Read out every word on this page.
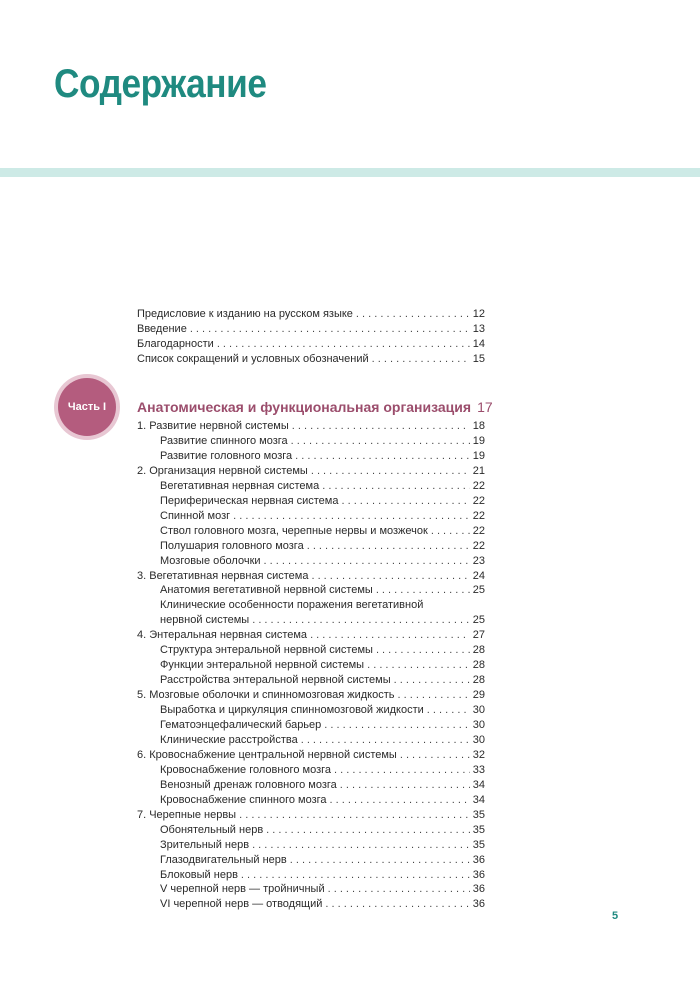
Содержание
Предисловие к изданию на русском языке . . .	12
Введение . . .	13
Благодарности . . .	14
Список сокращений и условных обозначений . . .	15
Анатомическая и функциональная организация 17
1. Развитие нервной системы . . .	18
Развитие спинного мозга . . .	19
Развитие головного мозга . . .	19
2. Организация нервной системы . . .	21
Вегетативная нервная система . . .	22
Периферическая нервная система . . .	22
Спинной мозг . . .	22
Ствол головного мозга, черепные нервы и мозжечок . . .	22
Полушария головного мозга . . .	22
Мозговые оболочки . . .	23
3. Вегетативная нервная система . . .	24
Анатомия вегетативной нервной системы . . .	25
Клинические особенности поражения вегетативной
нервной системы . . .	25
4. Энтеральная нервная система . . .	27
Структура энтеральной нервной системы . . .	28
Функции энтеральной нервной системы . . .	28
Расстройства энтеральной нервной системы . . .	28
5. Мозговые оболочки и спинномозговая жидкость . . .	29
Выработка и циркуляция спинномозговой жидкости . . .	30
Гематоэнцефалический барьер . . .	30
Клинические расстройства . . .	30
6. Кровоснабжение центральной нервной системы . . .	32
Кровоснабжение головного мозга . . .	33
Венозный дренаж головного мозга . . .	34
Кровоснабжение спинного мозга . . .	34
7. Черепные нервы . . .	35
Обонятельный нерв . . .	35
Зрительный нерв . . .	35
Глазодвигательный нерв . . .	36
Блоковый нерв . . .	36
V черепной нерв — тройничный . . .	36
VI черепной нерв — отводящий . . .	36
Часть I
5
